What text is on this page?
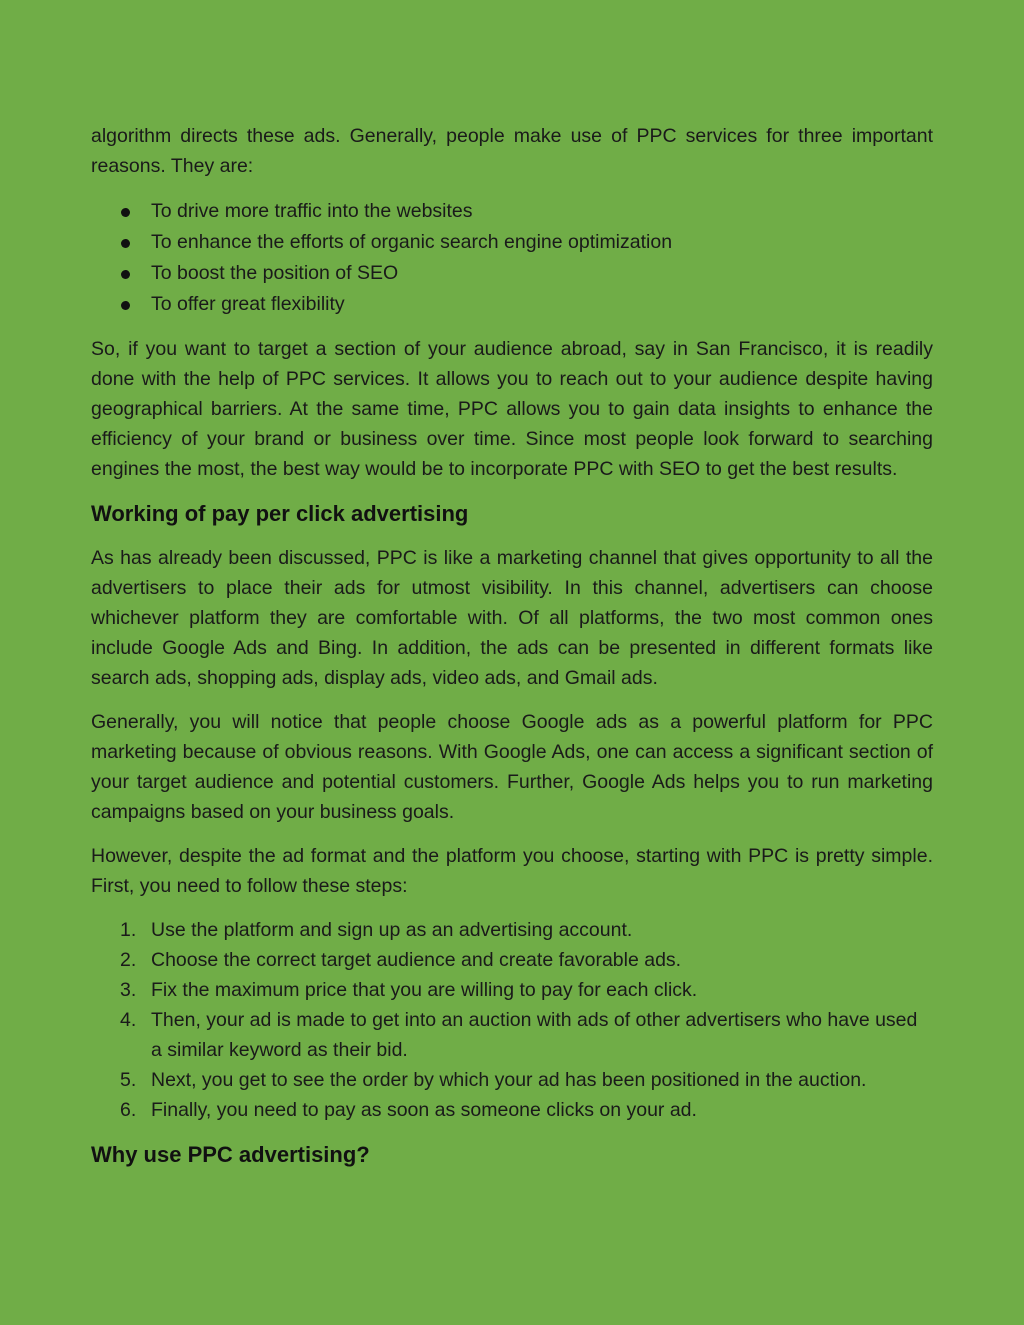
algorithm directs these ads. Generally, people make use of PPC services for three important reasons. They are:

To drive more traffic into the websites
To enhance the efforts of organic search engine optimization
To boost the position of SEO
To offer great flexibility

So, if you want to target a section of your audience abroad, say in San Francisco, it is readily done with the help of PPC services. It allows you to reach out to your audience despite having geographical barriers. At the same time, PPC allows you to gain data insights to enhance the efficiency of your brand or business over time. Since most people look forward to searching engines the most, the best way would be to incorporate PPC with SEO to get the best results.

Working of pay per click advertising

As has already been discussed, PPC is like a marketing channel that gives opportunity to all the advertisers to place their ads for utmost visibility. In this channel, advertisers can choose whichever platform they are comfortable with. Of all platforms, the two most common ones include Google Ads and Bing. In addition, the ads can be presented in different formats like search ads, shopping ads, display ads, video ads, and Gmail ads.

Generally, you will notice that people choose Google ads as a powerful platform for PPC marketing because of obvious reasons. With Google Ads, one can access a significant section of your target audience and potential customers. Further, Google Ads helps you to run marketing campaigns based on your business goals.

However, despite the ad format and the platform you choose, starting with PPC is pretty simple. First, you need to follow these steps:

1. Use the platform and sign up as an advertising account.
2. Choose the correct target audience and create favorable ads.
3. Fix the maximum price that you are willing to pay for each click.
4. Then, your ad is made to get into an auction with ads of other advertisers who have used a similar keyword as their bid.
5. Next, you get to see the order by which your ad has been positioned in the auction.
6. Finally, you need to pay as soon as someone clicks on your ad.
Why use PPC advertising?
